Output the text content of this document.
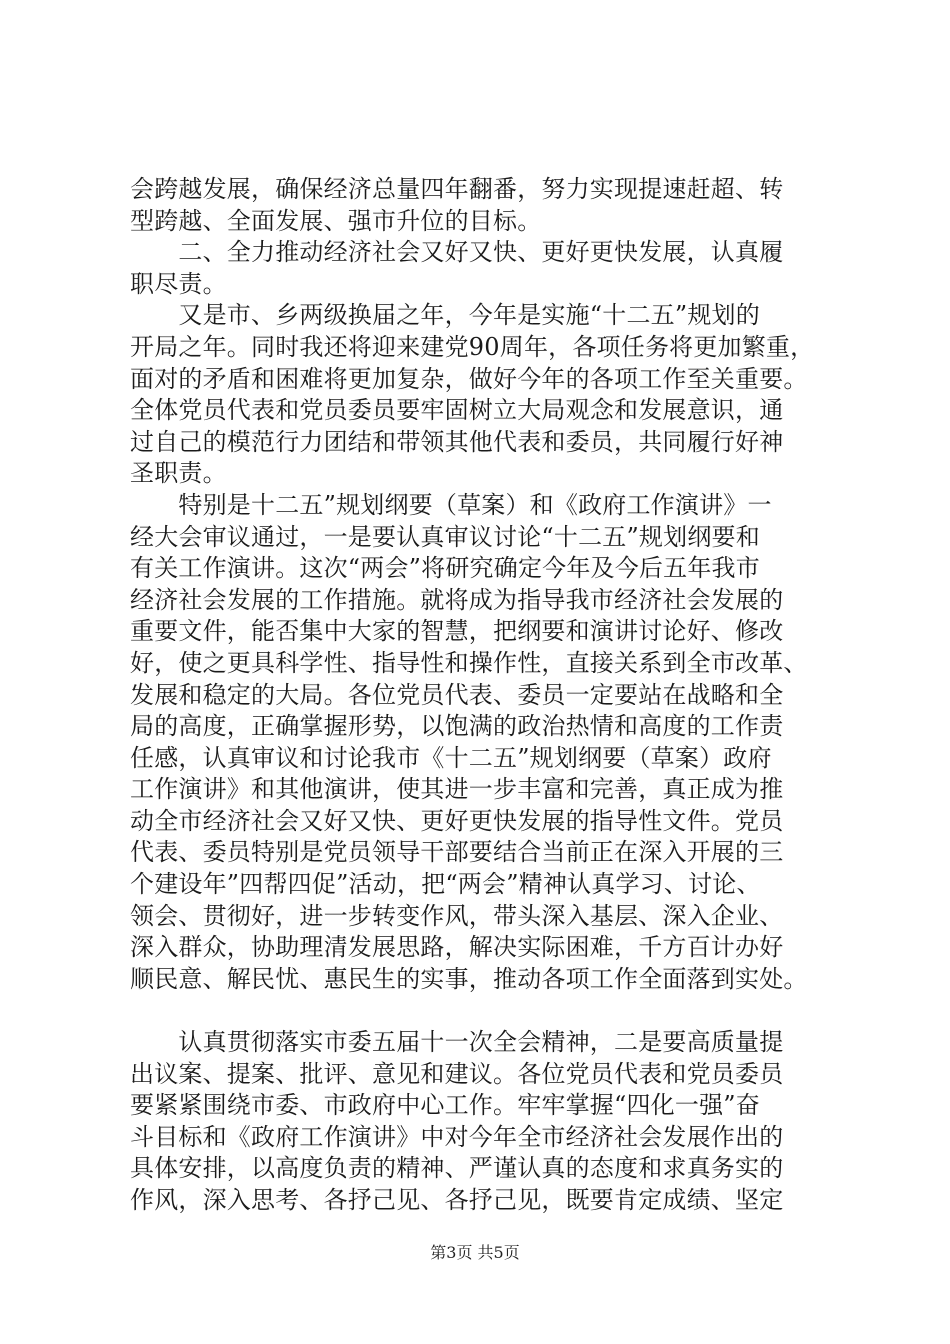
会跨越发展，确保经济总量四年翻番，努力实现提速赶超、转
型跨越、全面发展、强市升位的目标。
　　二、全力推动经济社会又好又快、更好更快发展，认真履
职尽责。
　　又是市、乡两级换届之年，今年是实施“十二五”规划的
开局之年。同时我还将迎来建党90周年，各项任务将更加繁重，
面对的矛盾和困难将更加复杂，做好今年的各项工作至关重要。
全体党员代表和党员委员要牢固树立大局观念和发展意识，通
过自己的模范行力团结和带领其他代表和委员，共同履行好神
圣职责。
　　特别是十二五”规划纲要（草案）和《政府工作演讲》一
经大会审议通过，一是要认真审议讨论“十二五”规划纲要和
有关工作演讲。这次“两会”将研究确定今年及今后五年我市
经济社会发展的工作措施。就将成为指导我市经济社会发展的
重要文件，能否集中大家的智慧，把纲要和演讲讨论好、修改
好，使之更具科学性、指导性和操作性，直接关系到全市改革、
发展和稳定的大局。各位党员代表、委员一定要站在战略和全
局的高度，正确掌握形势，以饱满的政治热情和高度的工作责
任感，认真审议和讨论我市《十二五”规划纲要（草案）政府
工作演讲》和其他演讲，使其进一步丰富和完善，真正成为推
动全市经济社会又好又快、更好更快发展的指导性文件。党员
代表、委员特别是党员领导干部要结合当前正在深入开展的三
个建设年”四帮四促”活动，把“两会”精神认真学习、讨论、
领会、贯彻好，进一步转变作风，带头深入基层、深入企业、
深入群众，协助理清发展思路，解决实际困难，千方百计办好
顺民意、解民忧、惠民生的实事，推动各项工作全面落到实处。
　　认真贯彻落实市委五届十一次全会精神，二是要高质量提
出议案、提案、批评、意见和建议。各位党员代表和党员委员
要紧紧围绕市委、市政府中心工作。牢牢掌握“四化一强”奋
斗目标和《政府工作演讲》中对今年全市经济社会发展作出的
具体安排，以高度负责的精神、严谨认真的态度和求真务实的
作风，深入思考、各抒己见、各抒己见，既要肯定成绩、坚定
第3页 共5页
